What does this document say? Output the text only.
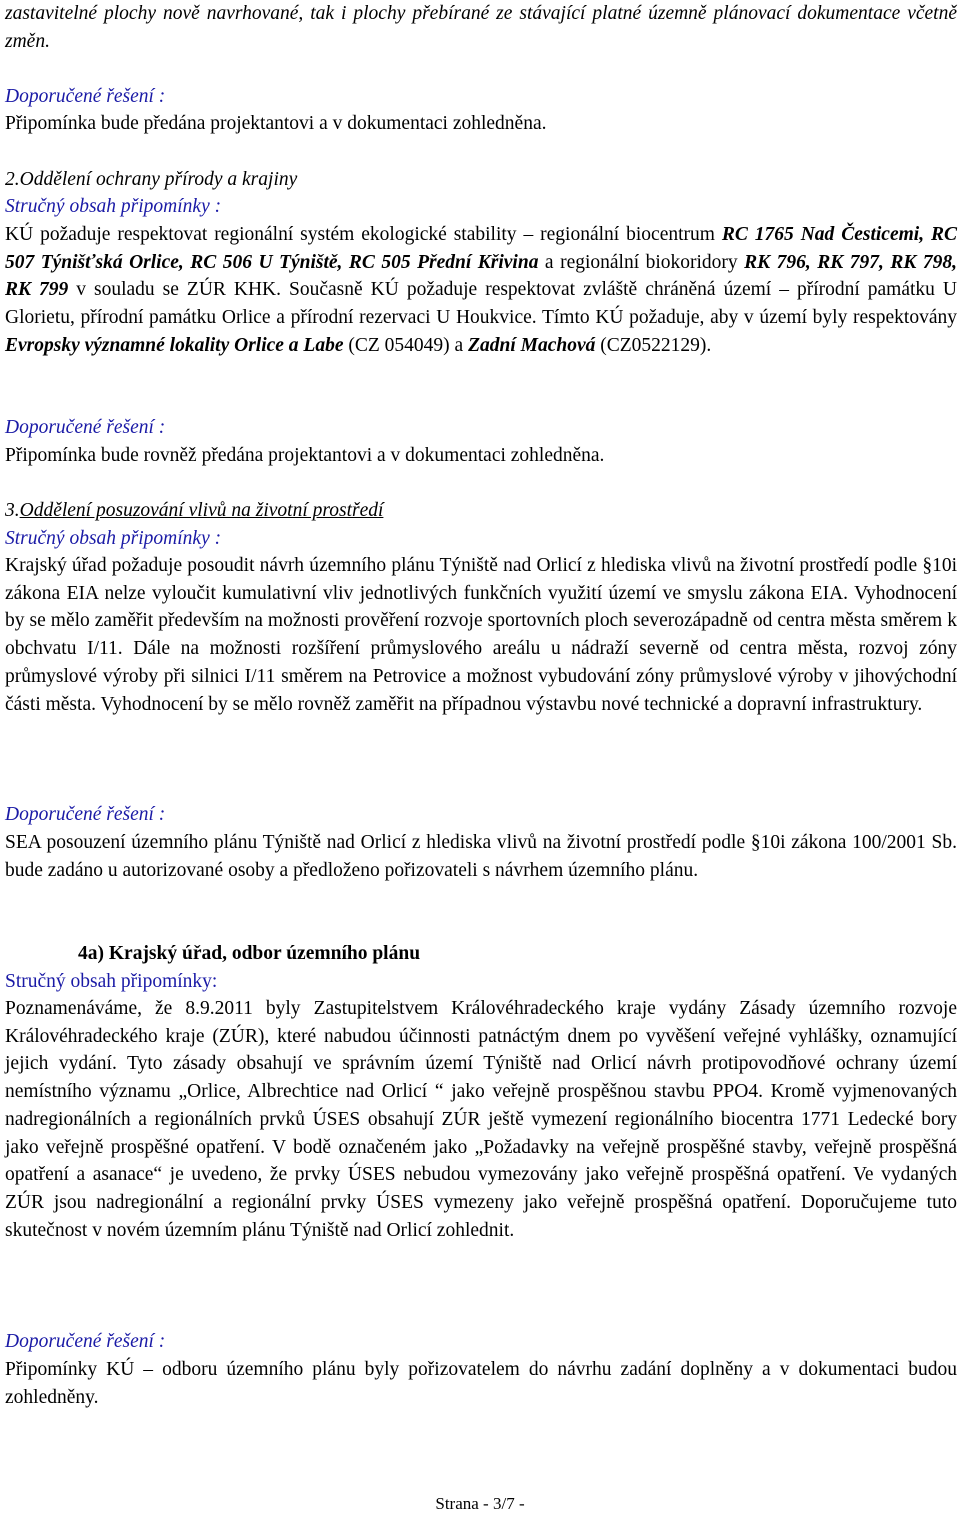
zastavitelné plochy nově navrhované, tak i plochy přebírané ze stávající platné územně plánovací dokumentace včetně změn.

Doporučené řešení :

Připomínka bude předána projektantovi a v dokumentaci zohledněna.

2.Oddělení ochrany přírody a krajiny

Stručný obsah připomínky :

KÚ požaduje respektovat regionální systém ekologické stability – regionální biocentrum RC 1765 Nad Česticemi, RC 507 Týnišťská Orlice, RC 506 U Týniště, RC 505 Přední Křivina a regionální biokoridory RK 796, RK 797, RK 798, RK 799 v souladu se ZÚR KHK. Současně KÚ požaduje respektovat zvláště chráněná území – přírodní památku U Glorietu, přírodní památku Orlice a přírodní rezervaci U Houkvice. Tímto KÚ požaduje, aby v území byly respektovány Evropsky významné lokality Orlice a Labe (CZ 054049) a Zadní Machová (CZ0522129).

Doporučené řešení :

Připomínka bude rovněž předána projektantovi a v dokumentaci zohledněna.

3.Oddělení posuzování vlivů na životní prostředí

Stručný obsah připomínky :

Krajský úřad požaduje posoudit návrh územního plánu Týniště nad Orlicí z hlediska vlivů na životní prostředí podle §10i zákona EIA nelze vyloučit kumulativní vliv jednotlivých funkčních využití území ve smyslu zákona EIA. Vyhodnocení by se mělo zaměřit především na možnosti prověření rozvoje sportovních ploch severozápadně od centra města směrem k obchvatu I/11. Dále na možnosti rozšíření průmyslového areálu u nádraží severně od centra města, rozvoj zóny průmyslové výroby při silnici I/11 směrem na Petrovice a možnost vybudování zóny průmyslové výroby v jihovýchodní části města. Vyhodnocení by se mělo rovněž zaměřit na případnou výstavbu nové technické a dopravní infrastruktury.

Doporučené řešení :

SEA posouzení územního plánu Týniště nad Orlicí z hlediska vlivů na životní prostředí podle §10i zákona 100/2001 Sb. bude zadáno u autorizované osoby a předloženo pořizovateli s návrhem územního plánu.

4a) Krajský úřad, odbor územního plánu

Stručný obsah připomínky:

Poznamenáváme, že 8.9.2011 byly Zastupitelstvem Královéhradeckého kraje vydány Zásady územního rozvoje Královéhradeckého kraje (ZÚR), které nabudou účinnosti patnáctým dnem po vyvěšení veřejné vyhlášky, oznamující jejich vydání. Tyto zásady obsahují ve správním území Týniště nad Orlicí návrh protipovodňové ochrany území nemístního významu „Orlice, Albrechtice nad Orlicí “ jako veřejně prospěšnou stavbu PPO4. Kromě vyjmenovaných nadregionálních a regionálních prvků ÚSES obsahují ZÚR ještě vymezení regionálního biocentra 1771 Ledecké bory jako veřejně prospěšné opatření. V bodě označeném jako „Požadavky na veřejně prospěšné stavby, veřejně prospěšná opatření a asanace“ je uvedeno, že prvky ÚSES nebudou vymezovány jako veřejně prospěšná opatření. Ve vydaných ZÚR jsou nadregionální a regionální prvky ÚSES vymezeny jako veřejně prospěšná opatření. Doporučujeme tuto skutečnost v novém územním plánu Týniště nad Orlicí zohlednit.

Doporučené řešení :

Připomínky KÚ – odboru územního plánu byly pořizovatelem do návrhu zadání doplněny a v dokumentaci budou zohledněny.

Strana - 3/7 -
